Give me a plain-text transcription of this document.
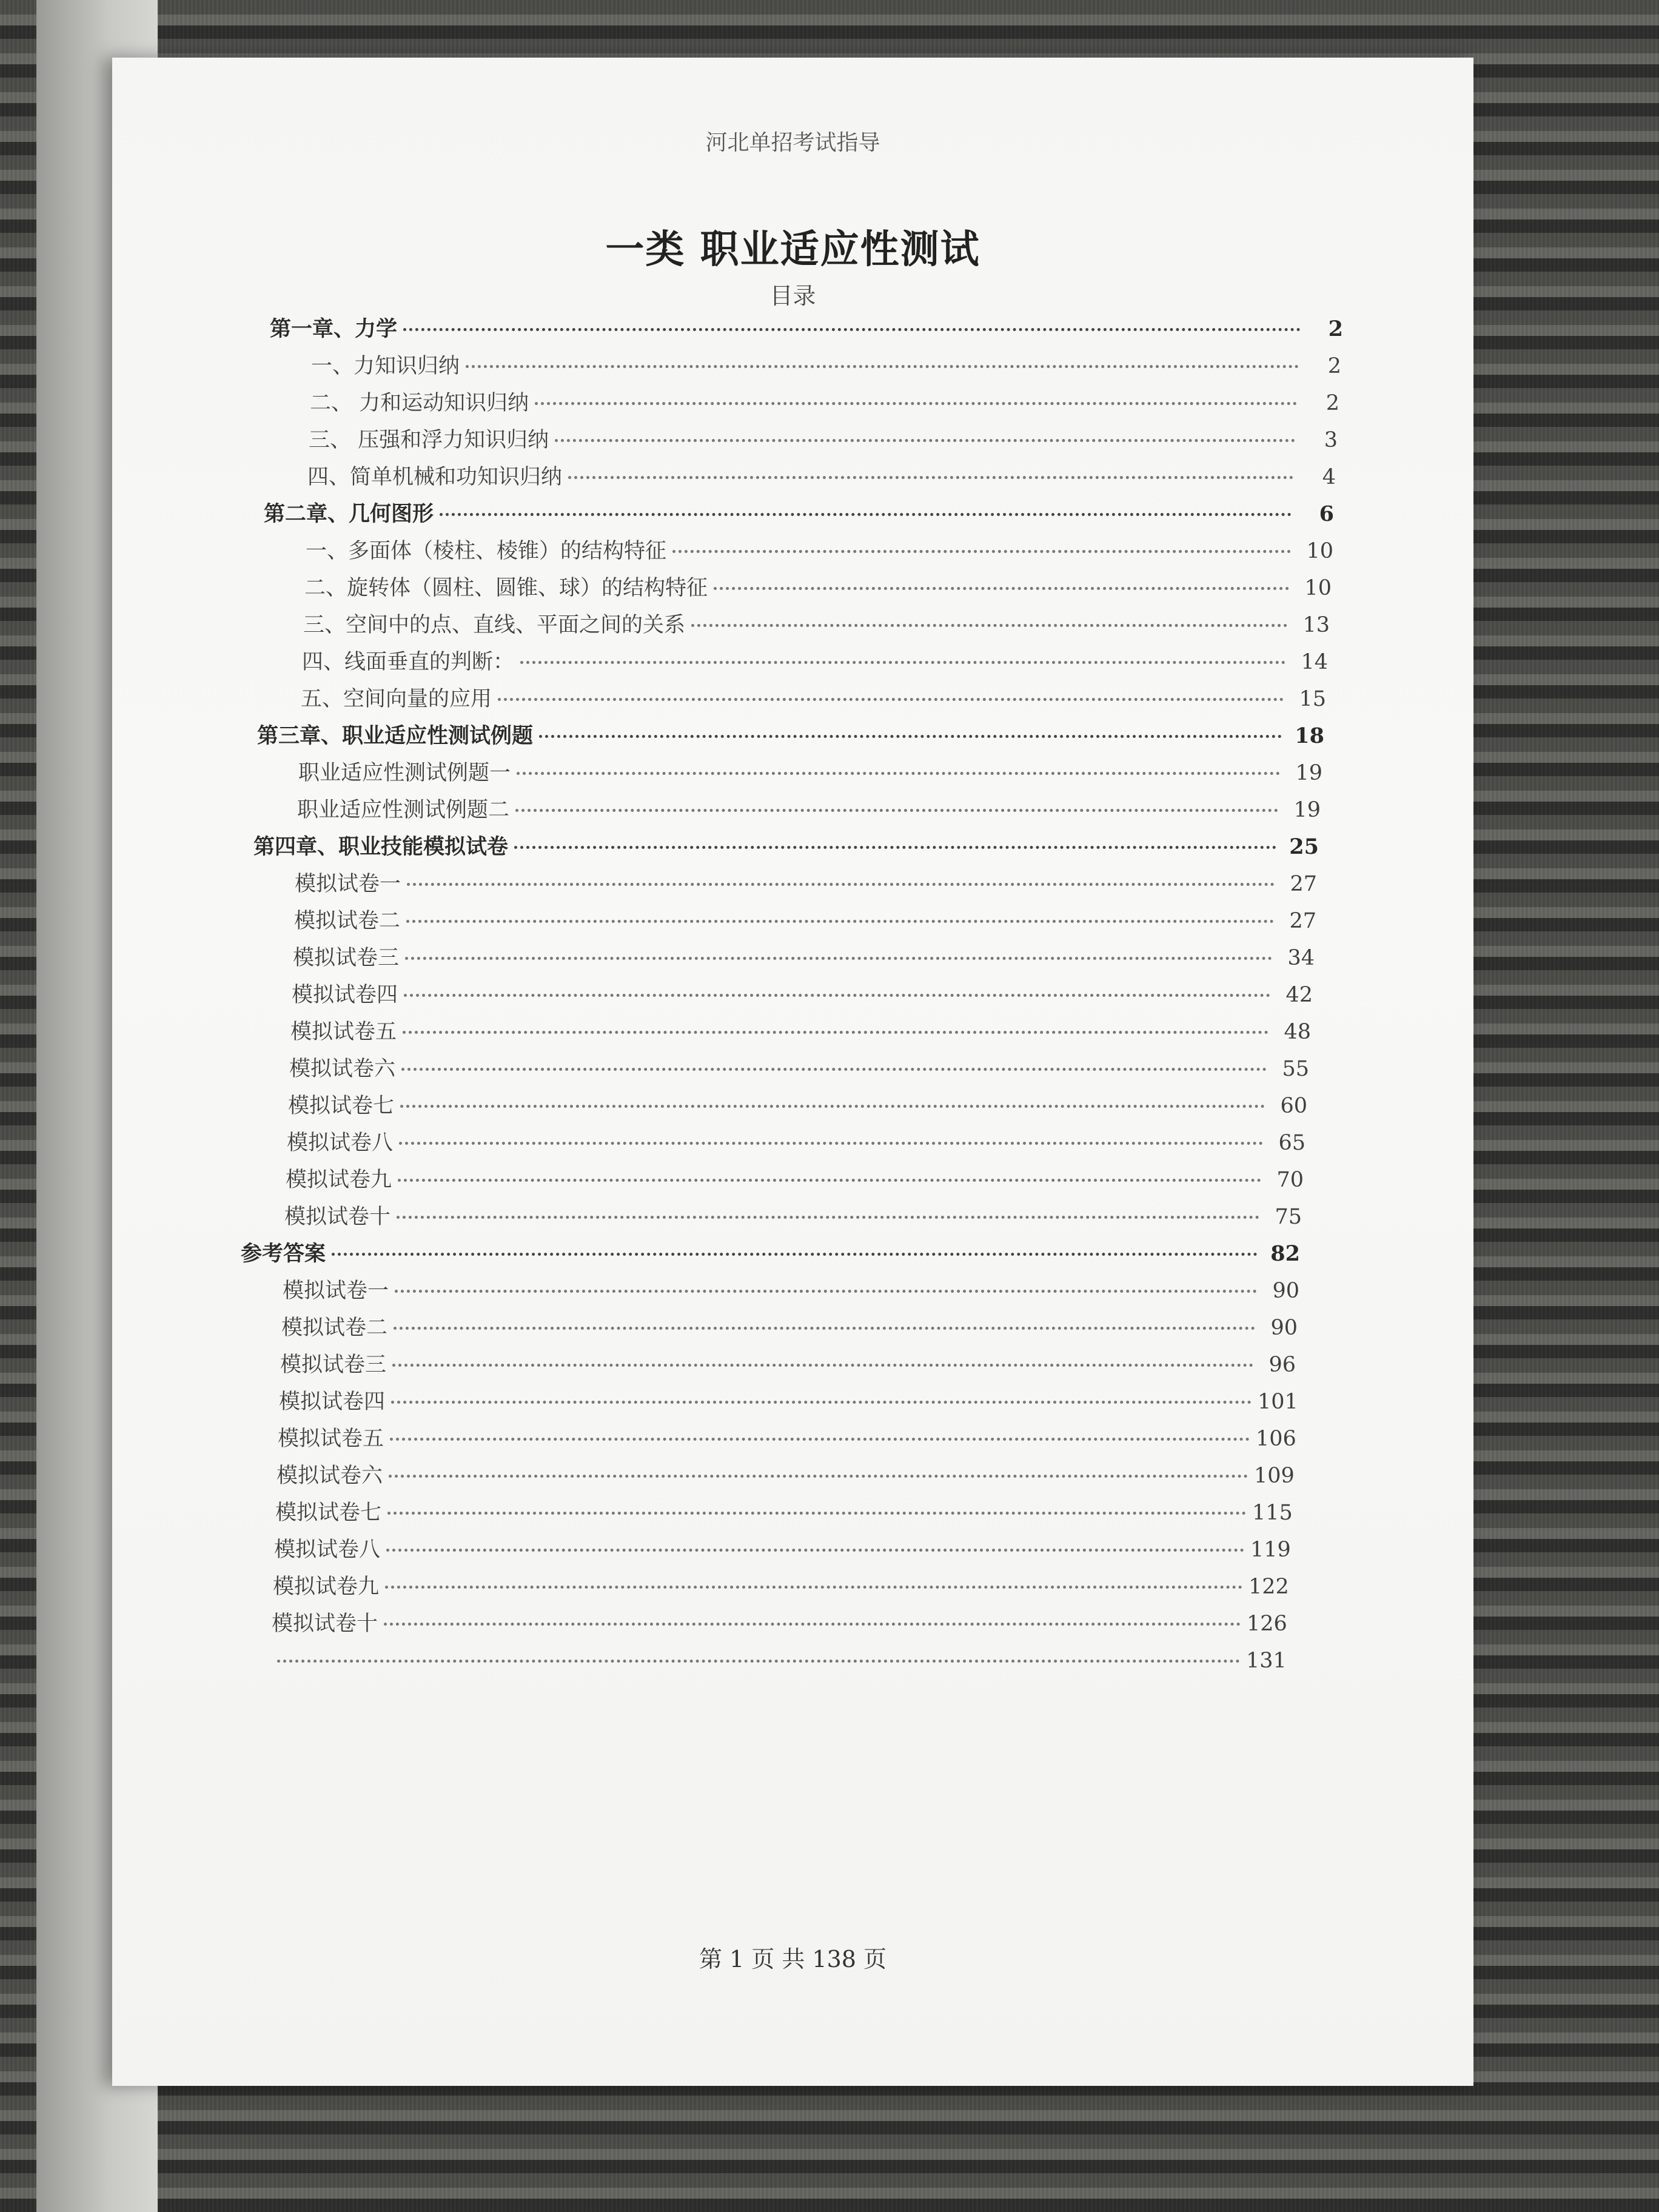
河北单招考试指导
一类 职业适应性测试
目录
第一章、力学	2
一、力知识归纳	2
二、 力和运动知识归纳	2
三、 压强和浮力知识归纳	3
四、简单机械和功知识归纳	4
第二章、几何图形	6
一、多面体（棱柱、棱锥）的结构特征	10
二、旋转体（圆柱、圆锥、球）的结构特征	10
三、空间中的点、直线、平面之间的关系	13
四、线面垂直的判断：	14
五、空间向量的应用	15
第三章、职业适应性测试例题	18
职业适应性测试例题一	19
职业适应性测试例题二	19
第四章、职业技能模拟试卷	25
模拟试卷一	27
模拟试卷二	27
模拟试卷三	34
模拟试卷四	42
模拟试卷五	48
模拟试卷六	55
模拟试卷七	60
模拟试卷八	65
模拟试卷九	70
模拟试卷十	75
参考答案	82
模拟试卷一	90
模拟试卷二	90
模拟试卷三	96
模拟试卷四	101
模拟试卷五	106
模拟试卷六	109
模拟试卷七	115
模拟试卷八	119
模拟试卷九	122
模拟试卷十	126
131
第 1 页 共 138 页
